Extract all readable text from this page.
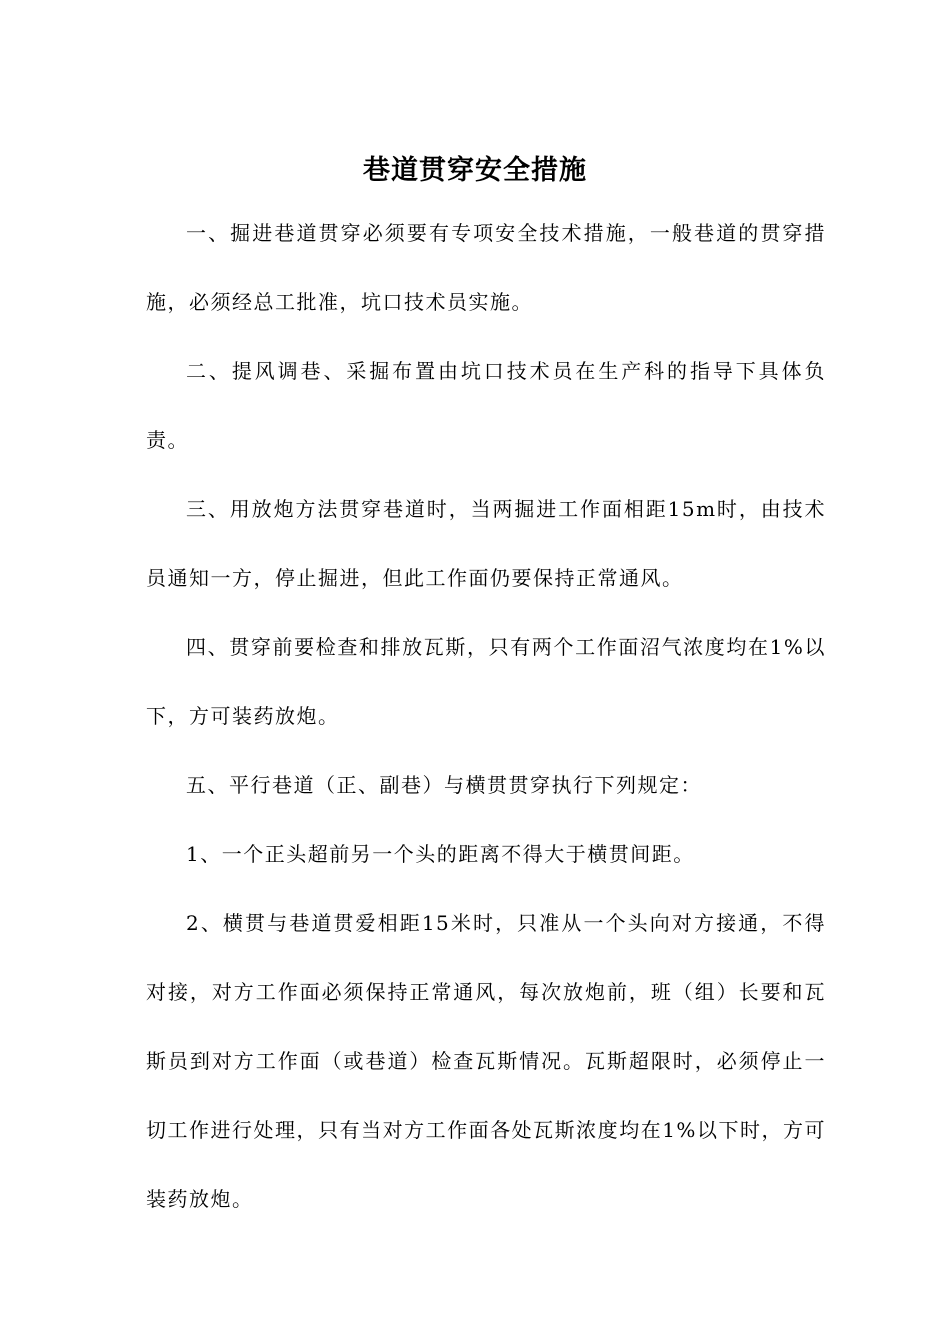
巷道贯穿安全措施

一、掘进巷道贯穿必须要有专项安全技术措施，一般巷道的贯穿措施，必须经总工批准，坑口技术员实施。

二、提风调巷、采掘布置由坑口技术员在生产科的指导下具体负责。

三、用放炮方法贯穿巷道时，当两掘进工作面相距15m时，由技术员通知一方，停止掘进，但此工作面仍要保持正常通风。

四、贯穿前要检查和排放瓦斯，只有两个工作面沼气浓度均在1%以下，方可装药放炮。

五、平行巷道（正、副巷）与横贯贯穿执行下列规定：

1、一个正头超前另一个头的距离不得大于横贯间距。

2、横贯与巷道贯爱相距15米时，只准从一个头向对方接通，不得对接，对方工作面必须保持正常通风，每次放炮前，班（组）长要和瓦斯员到对方工作面（或巷道）检查瓦斯情况。瓦斯超限时，必须停止一切工作进行处理，只有当对方工作面各处瓦斯浓度均在1%以下时，方可装药放炮。
